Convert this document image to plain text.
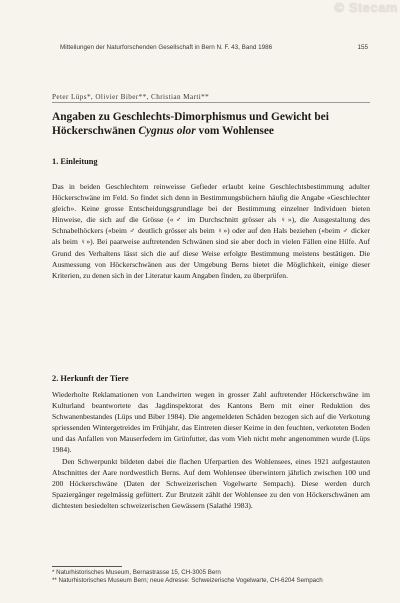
© Stecam
Mitteilungen der Naturforschenden Gesellschaft in Bern N. F. 43, Band 1986	155
Peter Lüps*, Olivier Biber**, Christian Marti**
Angaben zu Geschlechts-Dimorphismus und Gewicht bei Höckerschwänen Cygnus olor vom Wohlensee
1. Einleitung

Das in beiden Geschlechtern reinweisse Gefieder erlaubt keine Geschlechtsbestimmung adulter Höckerschwäne im Feld. So findet sich denn in Bestimmungsbüchern häufig die Angabe «Geschlechter gleich». Keine grosse Entscheidungsgrundlage bei der Bestimmung einzelner Individuen bieten Hinweise, die sich auf die Grösse («♂ im Durchschnitt grösser als ♀»), die Ausgestaltung des Schnabelhöckers («beim ♂ deutlich grösser als beim ♀») oder auf den Hals beziehen («beim ♂ dicker als beim ♀»). Bei paarweise auftretenden Schwänen sind sie aber doch in vielen Fällen eine Hilfe. Auf Grund des Verhaltens lässt sich die auf diese Weise erfolgte Bestimmung meistens bestätigen. Die Ausmessung von Höckerschwänen aus der Umgebung Berns bietet die Möglichkeit, einige dieser Kriterien, zu denen sich in der Literatur kaum Angaben finden, zu überprüfen.

2. Herkunft der Tiere

Wiederholte Reklamationen von Landwirten wegen in grosser Zahl auftretender Höckerschwäne im Kulturland beantwortete das Jagdinspektorat des Kantons Bern mit einer Reduktion des Schwanenbestandes (Lüps und Biber 1984). Die angemeldeten Schäden bezogen sich auf die Verkotung spriessenden Wintergetreides im Frühjahr, das Eintreten dieser Keime in den feuchten, verkoteten Boden und das Anfallen von Mauserfedern im Grünfutter, das vom Vieh nicht mehr angenommen wurde (Lüps 1984).

Den Schwerpunkt bildeten dabei die flachen Uferpartien des Wohlensees, eines 1921 aufgestauten Abschnittes der Aare nordwestlich Berns. Auf dem Wohlensee überwintern jährlich zwischen 100 und 200 Höckerschwäne (Daten der Schweizerischen Vogelwarte Sempach). Diese werden durch Spaziergänger regelmässig gefüttert. Zur Brutzeit zählt der Wohlensee zu den von Höckerschwänen am dichtesten besiedelten schweizerischen Gewässern (Salathé 1983).

* Naturhistorisches Museum, Bernastrasse 15, CH-3005 Bern
** Naturhistorisches Museum Bern; neue Adresse: Schweizerische Vogelwarte, CH-6204 Sempach
